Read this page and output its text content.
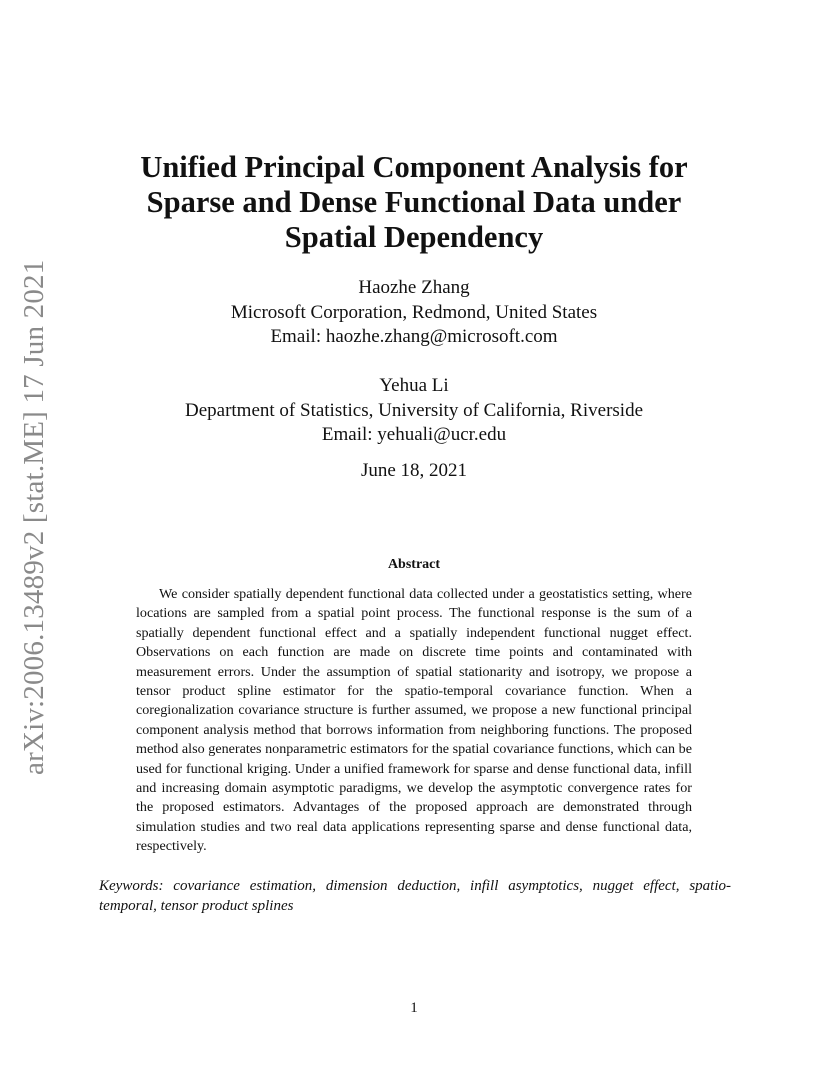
arXiv:2006.13489v2 [stat.ME] 17 Jun 2021
Unified Principal Component Analysis for
Sparse and Dense Functional Data under
Spatial Dependency
Haozhe Zhang
Microsoft Corporation, Redmond, United States
Email: haozhe.zhang@microsoft.com
Yehua Li
Department of Statistics, University of California, Riverside
Email: yehuali@ucr.edu
June 18, 2021
Abstract
We consider spatially dependent functional data collected under a geostatistics setting, where locations are sampled from a spatial point process. The functional response is the sum of a spatially dependent functional effect and a spatially independent functional nugget effect. Observations on each function are made on discrete time points and contaminated with measurement errors. Under the assumption of spatial stationarity and isotropy, we propose a tensor product spline estimator for the spatio-temporal covariance function. When a coregionalization covariance structure is further assumed, we propose a new functional principal component analysis method that borrows information from neighboring functions. The proposed method also generates nonparametric estimators for the spatial covariance functions, which can be used for functional kriging. Under a unified framework for sparse and dense functional data, infill and increasing domain asymptotic paradigms, we develop the asymptotic convergence rates for the proposed estimators. Advantages of the proposed approach are demonstrated through simulation studies and two real data applications representing sparse and dense functional data, respectively.
Keywords: covariance estimation, dimension deduction, infill asymptotics, nugget effect, spatio-temporal, tensor product splines
1
